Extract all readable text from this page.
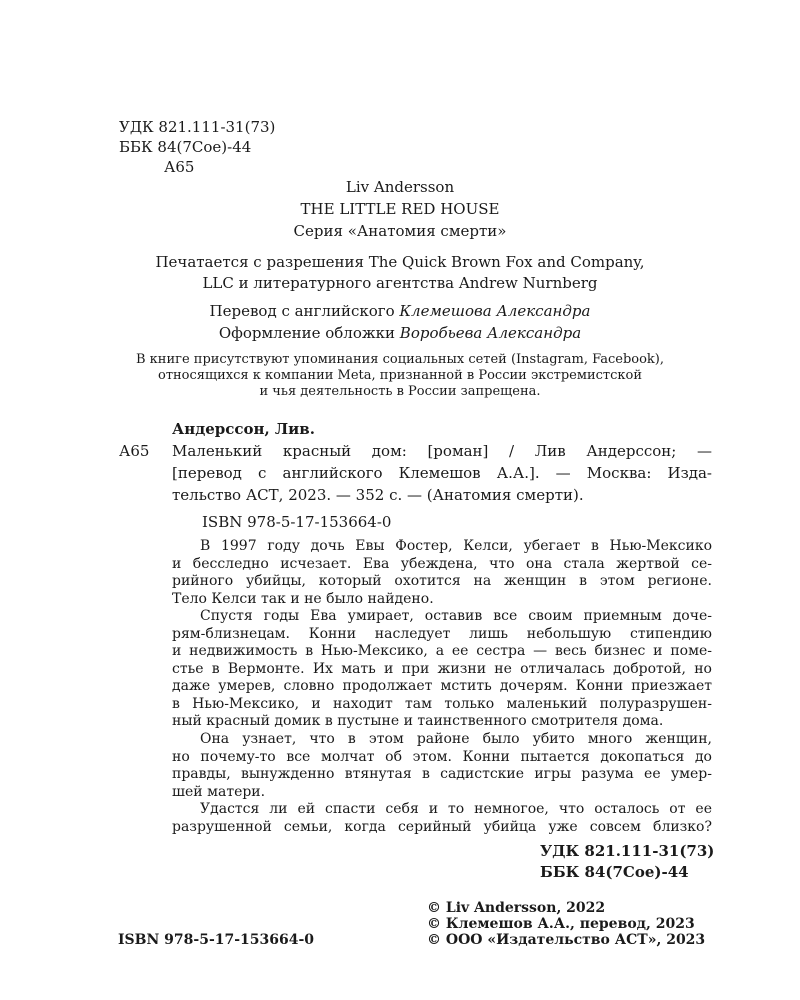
УДК 821.111-31(73)
ББК 84(7Сое)-44
А65
Liv Andersson
THE LITTLE RED HOUSE
Серия «Анатомия смерти»
Печатается с разрешения The Quick Brown Fox and Company,
LLC и литературного агентства Andrew Nurnberg
Перевод с английского Клемешова Александра
Оформление обложки Воробьева Александра
В книге присутствуют упоминания социальных сетей (Instagram, Facebook),
относящихся к компании Meta, признанной в России экстремистской
и чья деятельность в России запрещена.
Андерссон, Лив.
А65 Маленький красный дом: [роман] / Лив Андерссон; —
[перевод с английского Клемешов А.А.]. — Москва: Изда-
тельство АСТ, 2023. — 352 с. — (Анатомия смерти).
ISBN 978-5-17-153664-0
В 1997 году дочь Евы Фостер, Келси, убегает в Нью-Мексико
и бесследно исчезает. Ева убеждена, что она стала жертвой се-
рийного убийцы, который охотится на женщин в этом регионе.
Тело Келси так и не было найдено.
Спустя годы Ева умирает, оставив все своим приемным доче-
рям-близнецам. Конни наследует лишь небольшую стипендию
и недвижимость в Нью-Мексико, а ее сестра — весь бизнес и поме-
стье в Вермонте. Их мать и при жизни не отличалась добротой, но
даже умерев, словно продолжает мстить дочерям. Конни приезжает
в Нью-Мексико, и находит там только маленький полуразрушен-
ный красный домик в пустыне и таинственного смотрителя дома.
Она узнает, что в этом районе было убито много женщин,
но почему-то все молчат об этом. Конни пытается докопаться до
правды, вынужденно втянутая в садистские игры разума ее умер-
шей матери.
Удастся ли ей спасти себя и то немногое, что осталось от ее
разрушенной семьи, когда серийный убийца уже совсем близко?
УДК 821.111-31(73)
ББК 84(7Сое)-44
ISBN 978-5-17-153664-0
© Liv Andersson, 2022
© Клемешов А.А., перевод, 2023
© ООО «Издательство АСТ», 2023
